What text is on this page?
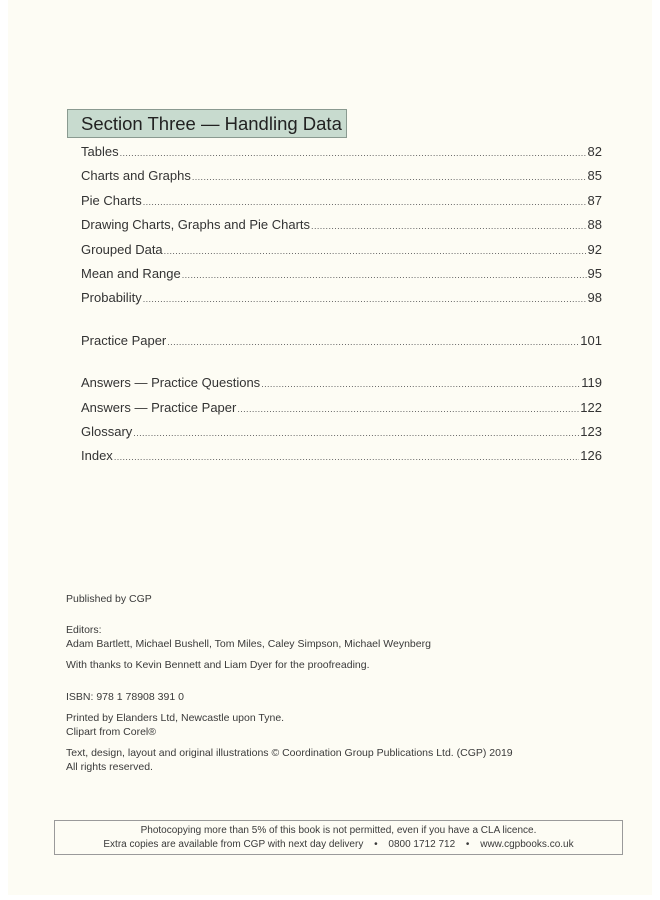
Section Three — Handling Data
Tables .....	82
Charts and Graphs .....	85
Pie Charts .....	87
Drawing Charts, Graphs and Pie Charts .....	88
Grouped Data .....	92
Mean and Range .....	95
Probability .....	98
Practice Paper .....	101
Answers — Practice Questions .....	119
Answers — Practice Paper .....	122
Glossary .....	123
Index .....	126

Published by CGP

Editors:

Adam Bartlett, Michael Bushell, Tom Miles, Caley Simpson, Michael Weynberg

With thanks to Kevin Bennett and Liam Dyer for the proofreading.

ISBN: 978 1 78908 391 0

Printed by Elanders Ltd, Newcastle upon Tyne.

Clipart from Corel®

Text, design, layout and original illustrations © Coordination Group Publications Ltd. (CGP) 2019

All rights reserved.

Photocopying more than 5% of this book is not permitted, even if you have a CLA licence.
Extra copies are available from CGP with next day delivery • 0800 1712 712 • www.cgpbooks.co.uk
